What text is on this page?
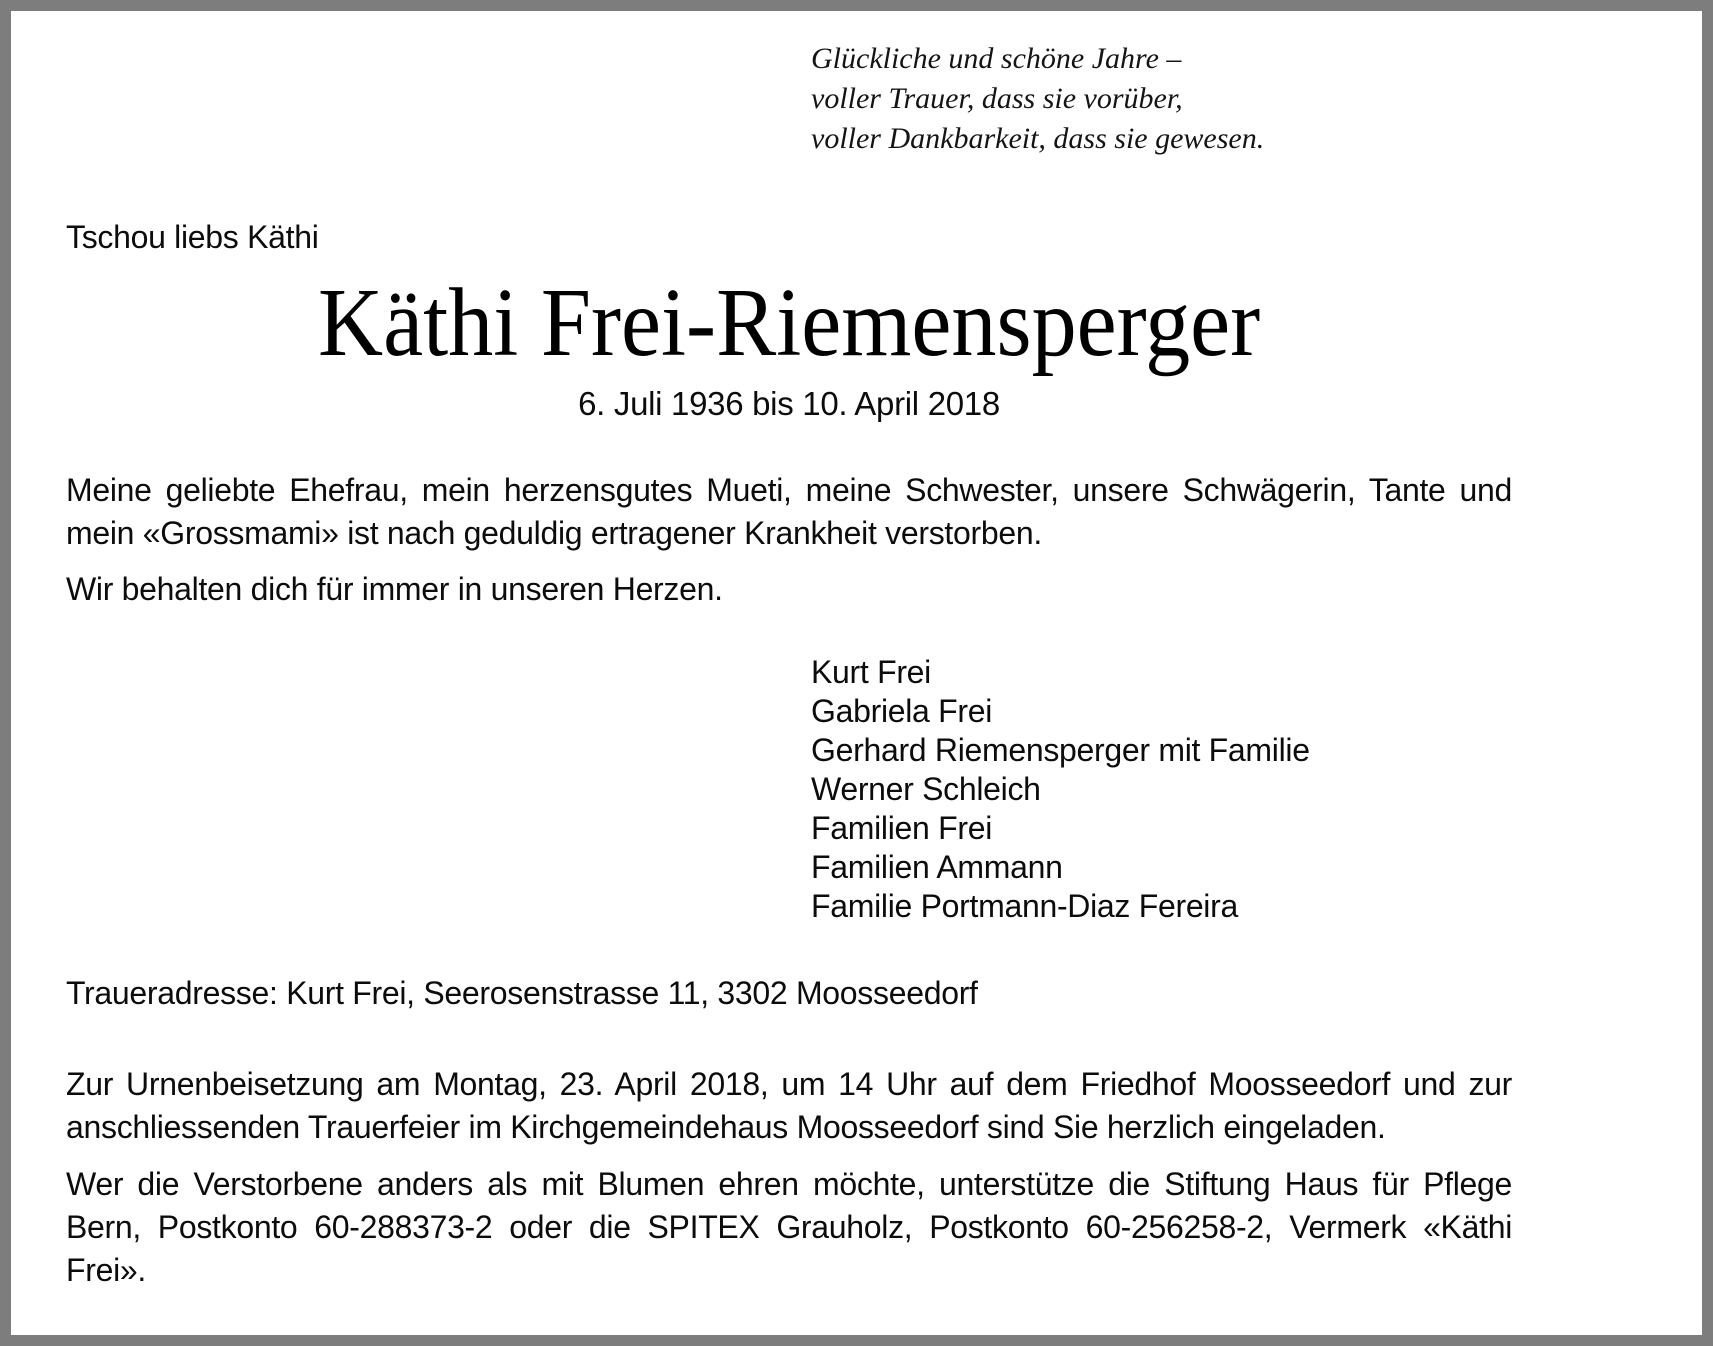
Glückliche und schöne Jahre –
voller Trauer, dass sie vorüber,
voller Dankbarkeit, dass sie gewesen.
Tschou liebs Käthi
Käthi Frei-Riemensperger
6. Juli 1936 bis 10. April 2018

Meine geliebte Ehefrau, mein herzensgutes Mueti, meine Schwester, unsere Schwägerin, Tante und mein «Grossmami» ist nach geduldig ertragener Krankheit verstorben.

Wir behalten dich für immer in unseren Herzen.

Kurt Frei
Gabriela Frei
Gerhard Riemensperger mit Familie
Werner Schleich
Familien Frei
Familien Ammann
Familie Portmann-Diaz Fereira
Traueradresse: Kurt Frei, Seerosenstrasse 11, 3302 Moosseedorf

Zur Urnenbeisetzung am Montag, 23. April 2018, um 14 Uhr auf dem Friedhof Moosseedorf und zur anschliessenden Trauerfeier im Kirchgemeindehaus Moosseedorf sind Sie herzlich eingeladen.

Wer die Verstorbene anders als mit Blumen ehren möchte, unterstütze die Stiftung Haus für Pflege Bern, Postkonto 60-288373-2 oder die SPITEX Grauholz, Postkonto 60-256258-2, Vermerk «Käthi Frei».
